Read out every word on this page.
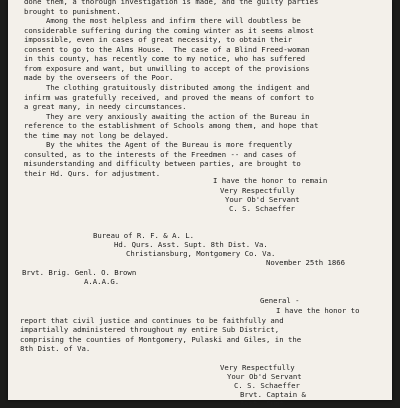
done them, a thorough investigation is made, and the guilty parties
brought to punishment.
Among the most helpless and infirm there will doubtless be
considerable suffering during the coming winter as it seems almost
impossible, even in cases of great necessity, to obtain their
consent to go to the Alms House.  The case of a Blind Freed-woman
in this county, has recently come to my notice, who has suffered
from exposure and want, but unwilling to accept of the provisions
made by the overseers of the Poor.
The clothing gratuitously distributed among the indigent and
infirm was gratefully received, and proved the means of comfort to
a great many, in needy circumstances.
They are very anxiously awaiting the action of the Bureau in
reference to the establishment of Schools among them, and hope that
the time may not long be delayed.
By the whites the Agent of the Bureau is more frequently
consulted, as to the interests of the Freedmen -- and cases of
misunderstanding and difficulty between parties, are brought to
their Hd. Qurs. for adjustment.
I have the honor to remain
Very Respectfully
Your Ob'd Servant
C. S. Schaeffer
Bureau of R. F. & A. L.
Hd. Qurs. Asst. Supt. 8th Dist. Va.
Christiansburg, Montgomery Co. Va.
November 25th 1866
Brvt. Brig. Genl. O. Brown
A.A.A.G.
General -
I have the honor to
report that civil justice and continues to be faithfully and
impartially administered throughout my entire Sub District,
comprising the counties of Montgomery, Pulaski and Giles, in the
8th Dist. of Va.
Very Respectfully
Your Ob'd Servant
C. S. Schaeffer
Brvt. Captain &
Asst. Supt.
